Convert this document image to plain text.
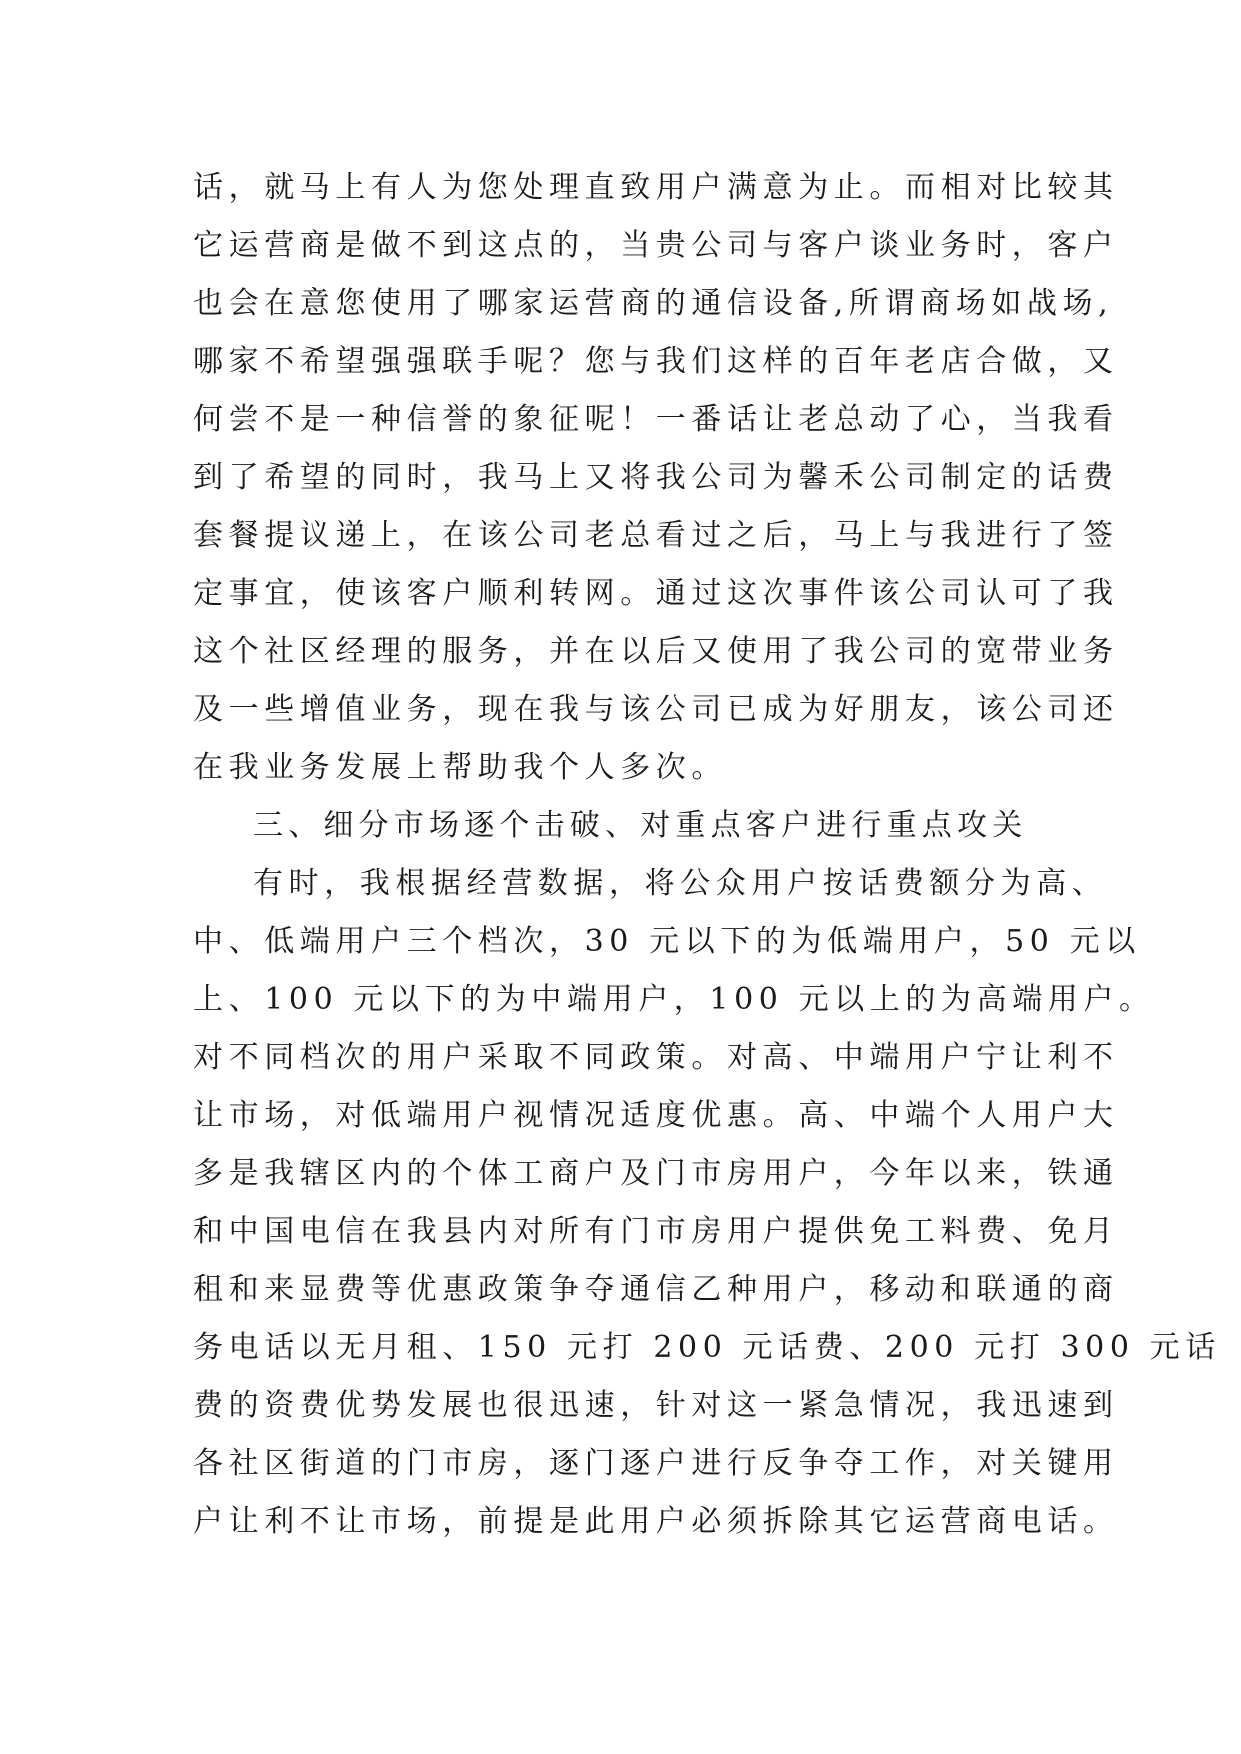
话，就马上有人为您处理直致用户满意为止。而相对比较其
它运营商是做不到这点的，当贵公司与客户谈业务时，客户
也会在意您使用了哪家运营商的通信设备,所谓商场如战场,
哪家不希望强强联手呢？您与我们这样的百年老店合做，又
何尝不是一种信誉的象征呢！一番话让老总动了心，当我看
到了希望的同时，我马上又将我公司为馨禾公司制定的话费
套餐提议递上，在该公司老总看过之后，马上与我进行了签
定事宜，使该客户顺利转网。通过这次事件该公司认可了我
这个社区经理的服务，并在以后又使用了我公司的宽带业务
及一些增值业务，现在我与该公司已成为好朋友，该公司还
在我业务发展上帮助我个人多次。
三、细分市场逐个击破、对重点客户进行重点攻关
有时，我根据经营数据，将公众用户按话费额分为高、
中、低端用户三个档次，30 元以下的为低端用户，50 元以
上、100 元以下的为中端用户，100 元以上的为高端用户。
对不同档次的用户采取不同政策。对高、中端用户宁让利不
让市场，对低端用户视情况适度优惠。高、中端个人用户大
多是我辖区内的个体工商户及门市房用户，今年以来，铁通
和中国电信在我县内对所有门市房用户提供免工料费、免月
租和来显费等优惠政策争夺通信乙种用户，移动和联通的商
务电话以无月租、150 元打 200 元话费、200 元打 300 元话
费的资费优势发展也很迅速，针对这一紧急情况，我迅速到
各社区街道的门市房，逐门逐户进行反争夺工作，对关键用
户让利不让市场，前提是此用户必须拆除其它运营商电话。
